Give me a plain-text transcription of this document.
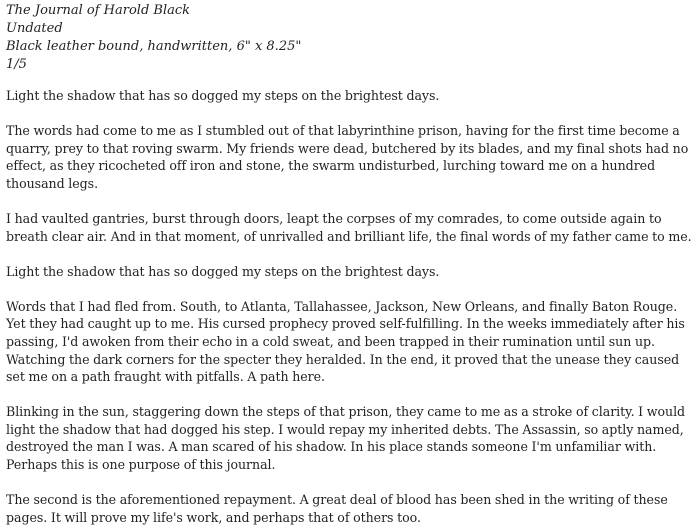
The Journal of Harold Black

Undated

Black leather bound, handwritten, 6" x 8.25"

1/5

Light the shadow that has so dogged my steps on the brightest days.

The words had come to me as I stumbled out of that labyrinthine prison, having for the first time become a quarry, prey to that roving swarm. My friends were dead, butchered by its blades, and my final shots had no effect, as they ricocheted off iron and stone, the swarm undisturbed, lurching toward me on a hundred thousand legs.

I had vaulted gantries, burst through doors, leapt the corpses of my comrades, to come outside again to breath clear air. And in that moment, of unrivalled and brilliant life, the final words of my father came to me.

Light the shadow that has so dogged my steps on the brightest days.

Words that I had fled from. South, to Atlanta, Tallahassee, Jackson, New Orleans, and finally Baton Rouge. Yet they had caught up to me. His cursed prophecy proved self-fulfilling. In the weeks immediately after his passing, I'd awoken from their echo in a cold sweat, and been trapped in their rumination until sun up. Watching the dark corners for the specter they heralded. In the end, it proved that the unease they caused set me on a path fraught with pitfalls. A path here.

Blinking in the sun, staggering down the steps of that prison, they came to me as a stroke of clarity. I would light the shadow that had dogged his step. I would repay my inherited debts. The Assassin, so aptly named, destroyed the man I was. A man scared of his shadow. In his place stands someone I'm unfamiliar with. Perhaps this is one purpose of this journal.

The second is the aforementioned repayment. A great deal of blood has been shed in the writing of these pages. It will prove my life's work, and perhaps that of others too.
